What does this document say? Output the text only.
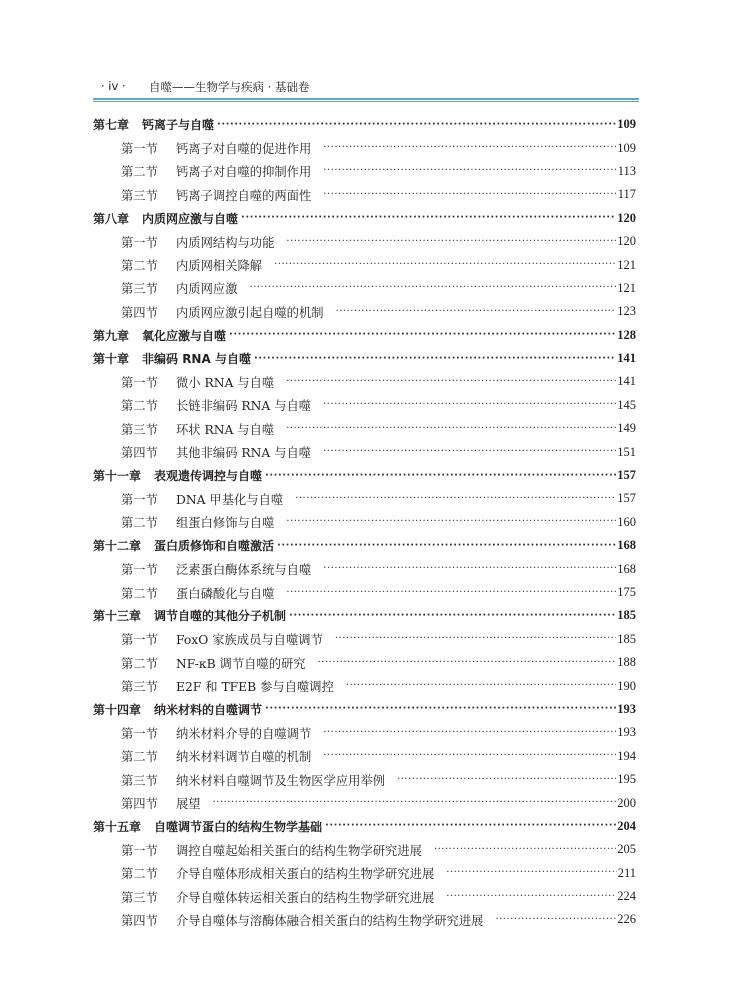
· iv · 自噬——生物学与疾病 · 基础卷
第七章 钙离子与自噬 ·····	109
第一节	钙离子对自噬的促进作用 ·····	109
第二节	钙离子对自噬的抑制作用 ·····	113
第三节	钙离子调控自噬的两面性 ·····	117
第八章 内质网应激与自噬 ·····	120
第一节	内质网结构与功能 ·····	120
第二节	内质网相关降解 ·····	121
第三节	内质网应激 ·····	121
第四节	内质网应激引起自噬的机制 ·····	123
第九章 氧化应激与自噬 ·····	128
第十章 非编码 RNA 与自噬 ·····	141
第一节	微小 RNA 与自噬 ·····	141
第二节	长链非编码 RNA 与自噬 ·····	145
第三节	环状 RNA 与自噬 ·····	149
第四节	其他非编码 RNA 与自噬 ·····	151
第十一章 表观遗传调控与自噬 ·····	157
第一节	DNA 甲基化与自噬 ·····	157
第二节	组蛋白修饰与自噬 ·····	160
第十二章 蛋白质修饰和自噬激活 ·····	168
第一节	泛素蛋白酶体系统与自噬 ·····	168
第二节	蛋白磷酸化与自噬 ·····	175
第十三章 调节自噬的其他分子机制 ·····	185
第一节	FoxO 家族成员与自噬调节 ·····	185
第二节	NF-κB 调节自噬的研究 ·····	188
第三节	E2F 和 TFEB 参与自噬调控 ·····	190
第十四章 纳米材料的自噬调节 ·····	193
第一节	纳米材料介导的自噬调节 ·····	193
第二节	纳米材料调节自噬的机制 ·····	194
第三节	纳米材料自噬调节及生物医学应用举例 ·····	195
第四节	展望 ·····	200
第十五章 自噬调节蛋白的结构生物学基础 ·····	204
第一节	调控自噬起始相关蛋白的结构生物学研究进展 ·····	205
第二节	介导自噬体形成相关蛋白的结构生物学研究进展 ·····	211
第三节	介导自噬体转运相关蛋白的结构生物学研究进展 ·····	224
第四节	介导自噬体与溶酶体融合相关蛋白的结构生物学研究进展 ·····	226
